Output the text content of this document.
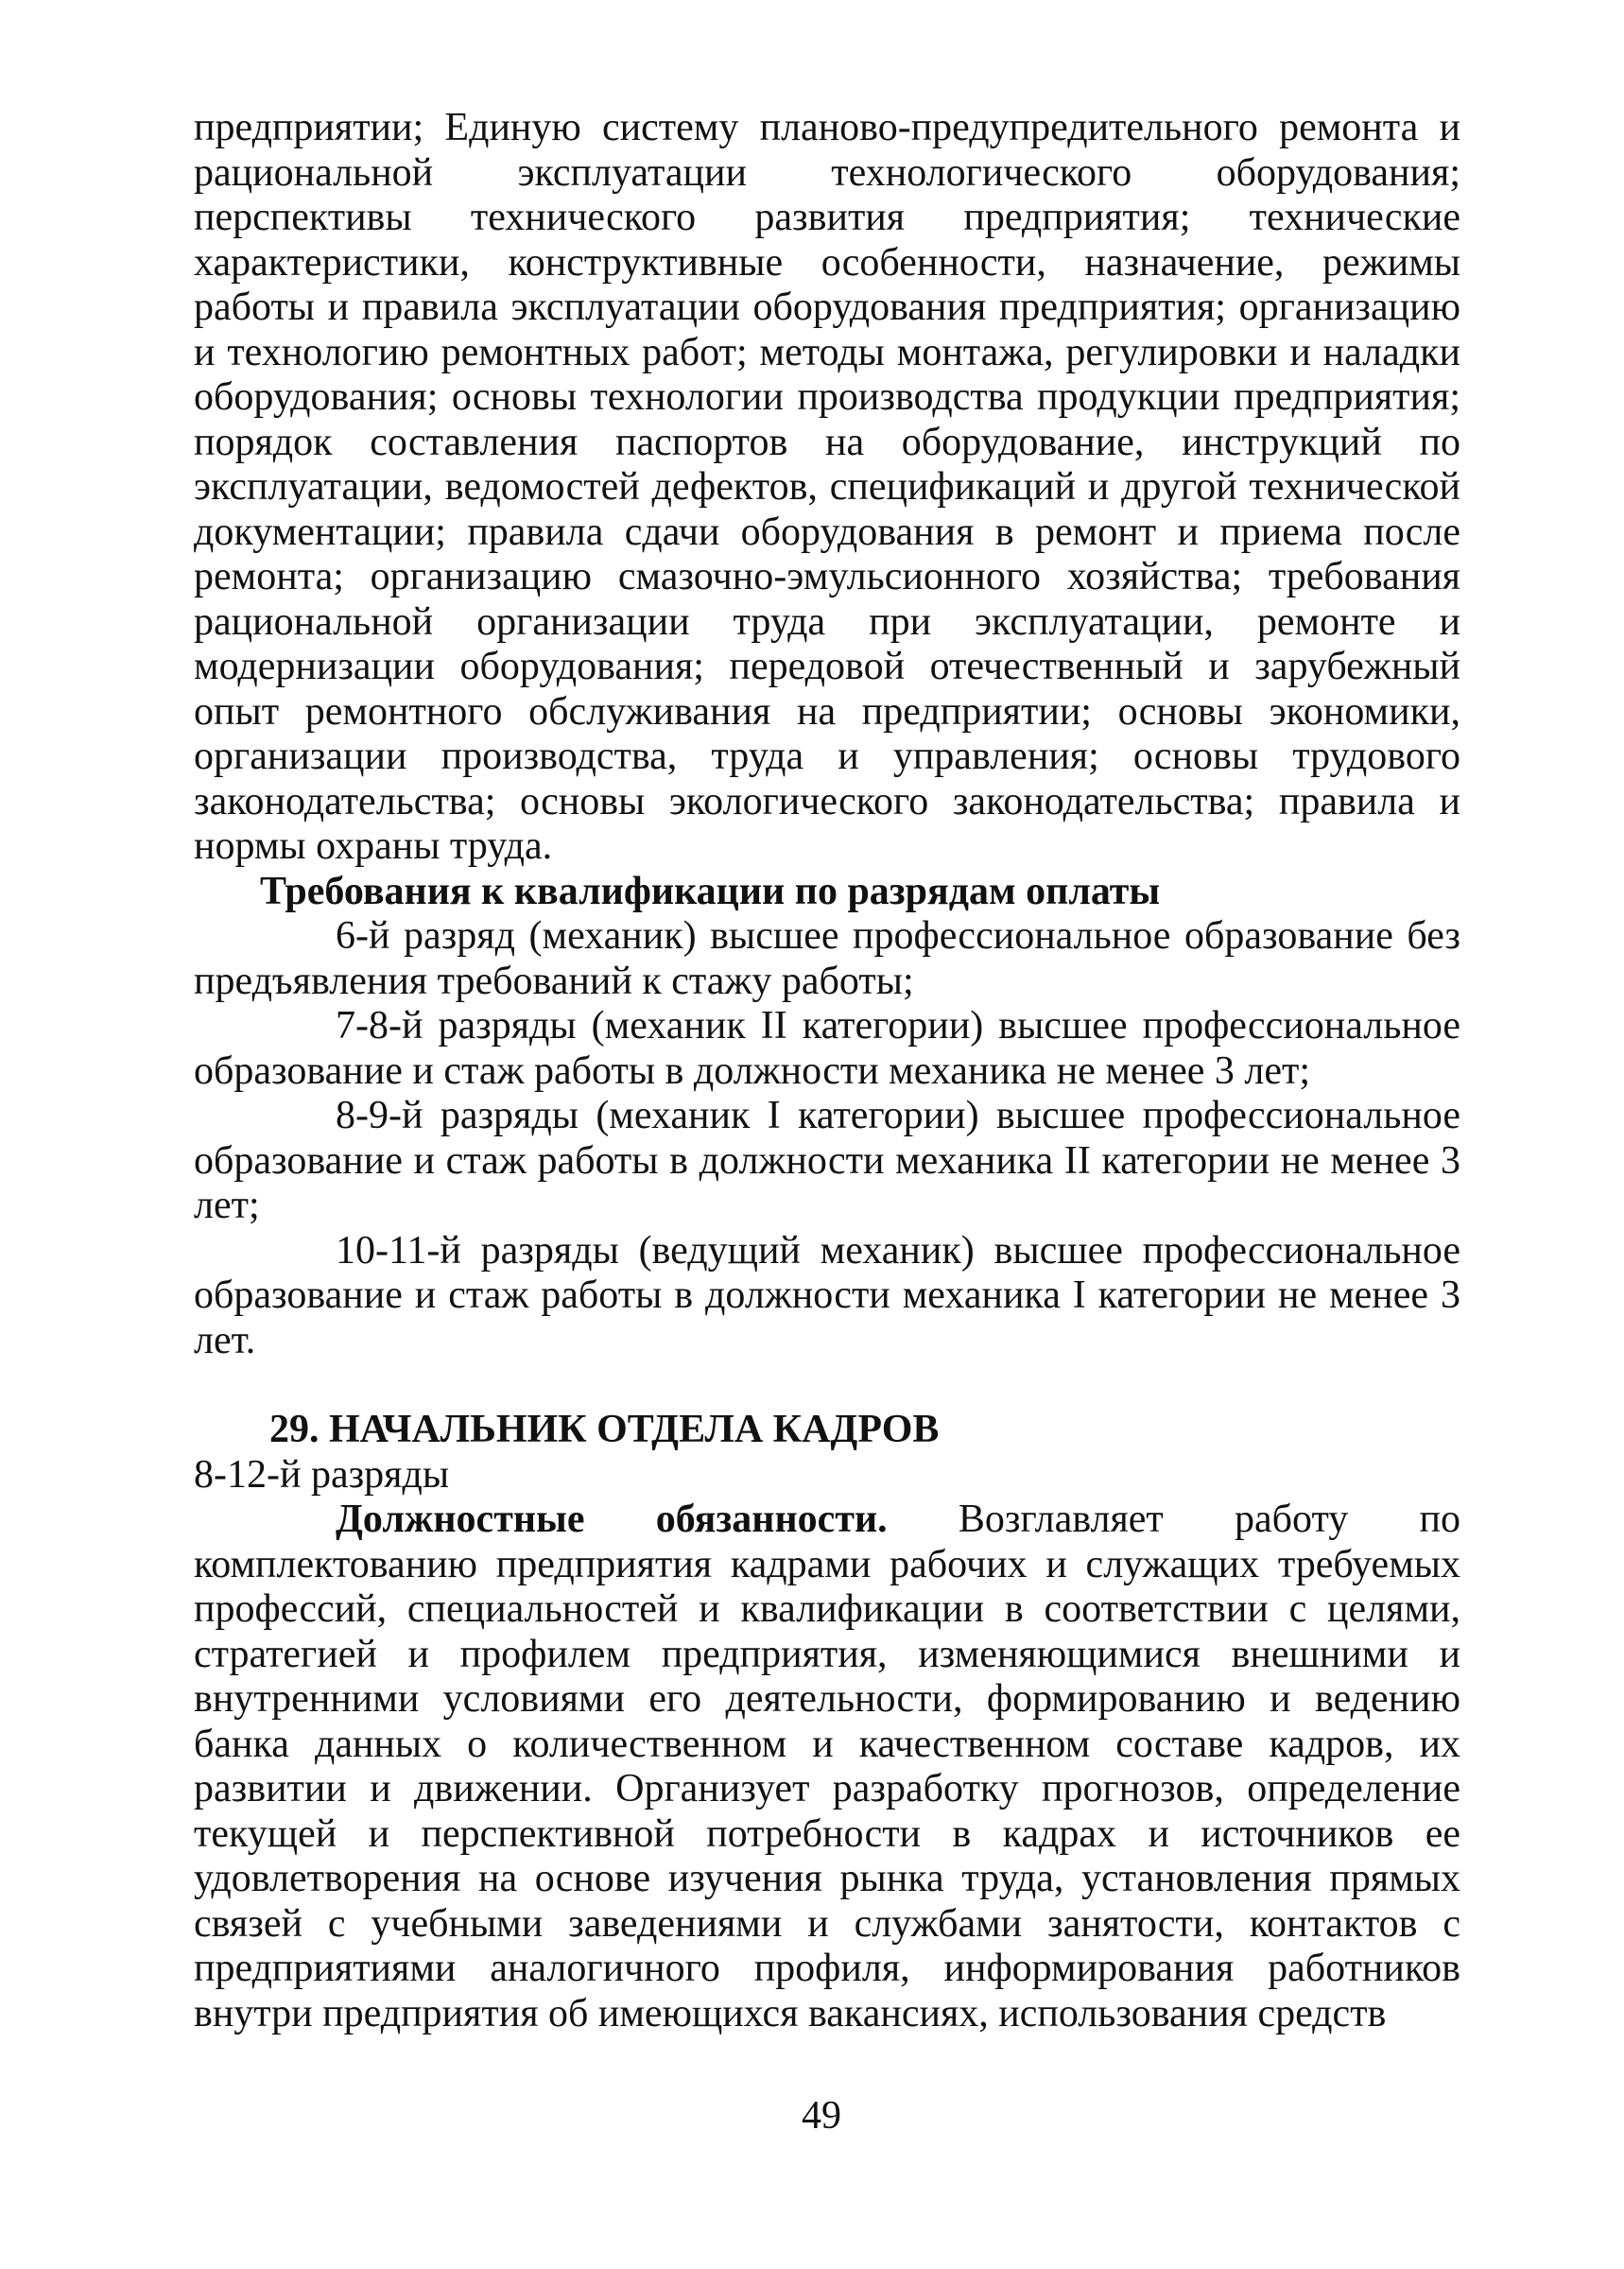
предприятии; Единую систему планово-предупредительного ремонта и рациональной эксплуатации технологического оборудования; перспективы технического развития предприятия; технические характеристики, конструктивные особенности, назначение, режимы работы и правила эксплуатации оборудования предприятия; организацию и технологию ремонтных работ; методы монтажа, регулировки и наладки оборудования; основы технологии производства продукции предприятия; порядок составления паспортов на оборудование, инструкций по эксплуатации, ведомостей дефектов, спецификаций и другой технической документации; правила сдачи оборудования в ремонт и приема после ремонта; организацию смазочно-эмульсионного хозяйства; требования рациональной организации труда при эксплуатации, ремонте и модернизации оборудования; передовой отечественный и зарубежный опыт ремонтного обслуживания на предприятии; основы экономики, организации производства, труда и управления; основы трудового законодательства; основы экологического законодательства; правила и нормы охраны труда.

Требования к квалификации по разрядам оплаты

6-й разряд (механик) высшее профессиональное образование без предъявления требований к стажу работы;

7-8-й разряды (механик II категории) высшее профессиональное образование и стаж работы в должности механика не менее 3 лет;

8-9-й разряды (механик I категории) высшее профессиональное образование и стаж работы в должности механика II категории не менее 3 лет;

10-11-й разряды (ведущий механик) высшее профессиональное образование и стаж работы в должности механика I категории не менее 3 лет.

29. НАЧАЛЬНИК ОТДЕЛА КАДРОВ

8-12-й разряды

Должностные обязанности. Возглавляет работу по комплектованию предприятия кадрами рабочих и служащих требуемых профессий, специальностей и квалификации в соответствии с целями, стратегией и профилем предприятия, изменяющимися внешними и внутренними условиями его деятельности, формированию и ведению банка данных о количественном и качественном составе кадров, их развитии и движении. Организует разработку прогнозов, определение текущей и перспективной потребности в кадрах и источников ее удовлетворения на основе изучения рынка труда, установления прямых связей с учебными заведениями и службами занятости, контактов с предприятиями аналогичного профиля, информирования работников внутри предприятия об имеющихся вакансиях, использования средств

49
